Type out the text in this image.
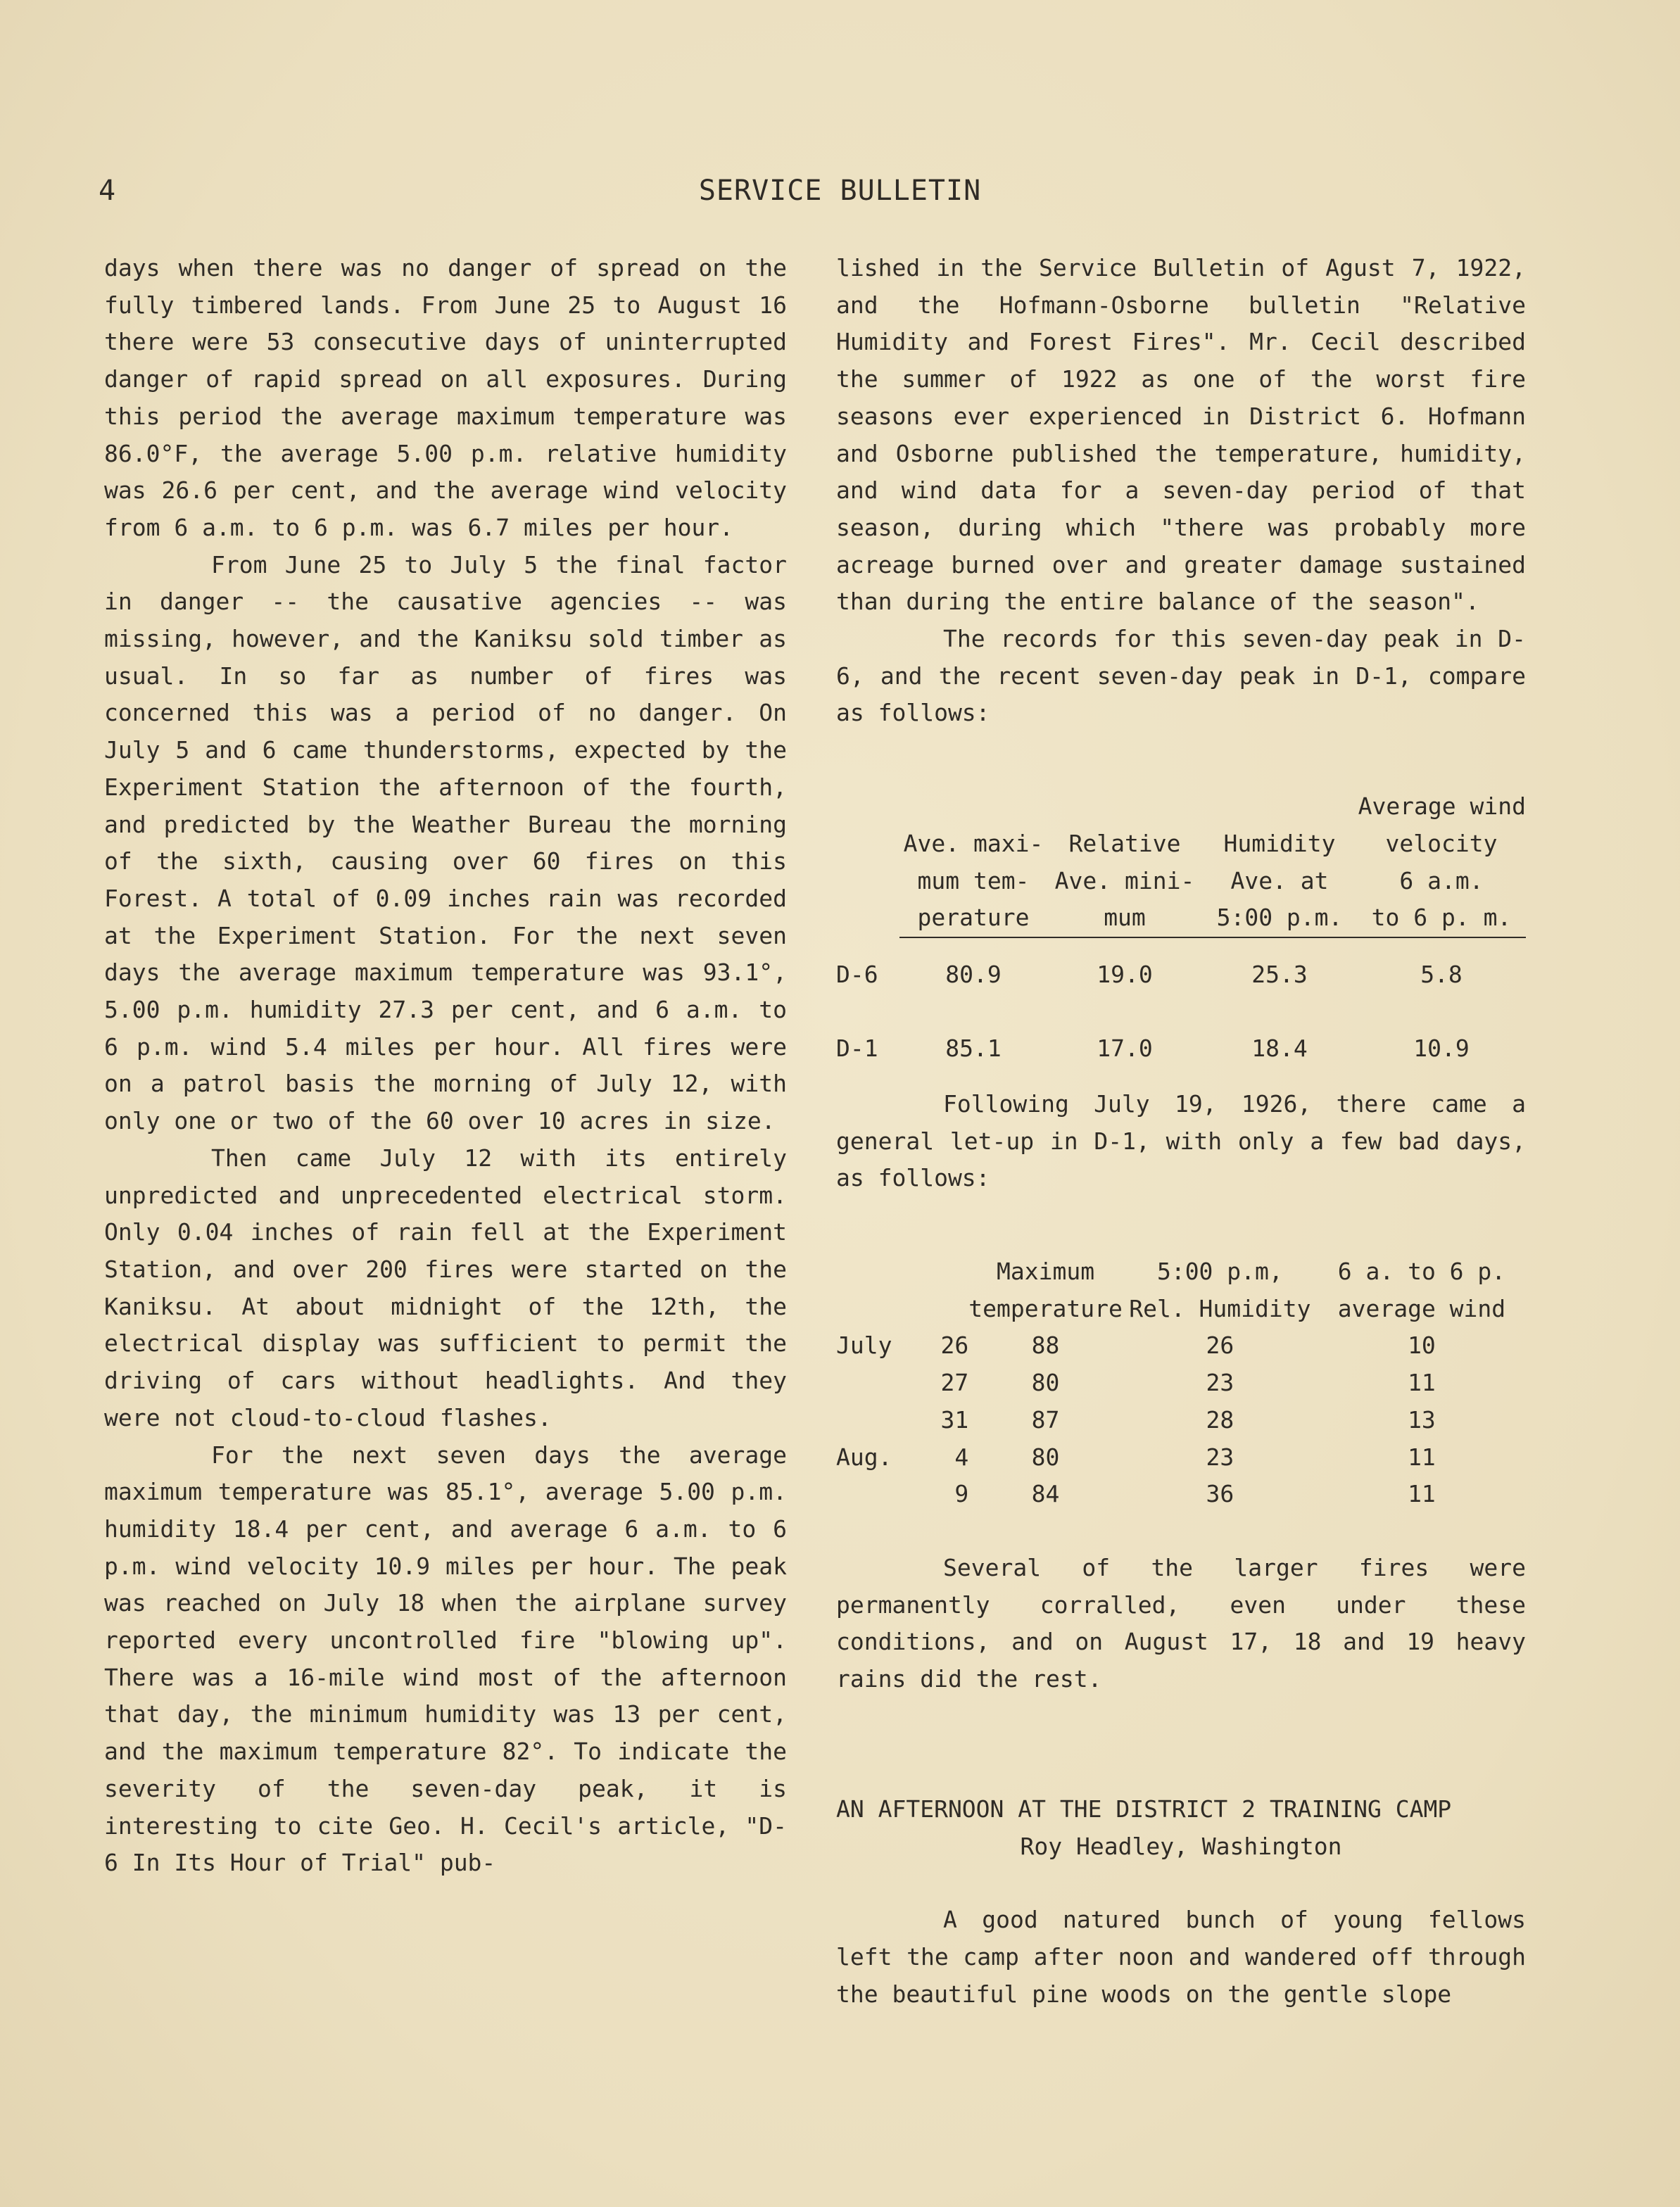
4	SERVICE BULLETIN

days when there was no danger of spread on the fully timbered lands. From June 25 to August 16 there were 53 consecutive days of uninterrupted danger of rapid spread on all exposures. During this period the average maximum temperature was 86.0°F, the average 5.00 p.m. relative humidity was 26.6 per cent, and the average wind velocity from 6 a.m. to 6 p.m. was 6.7 miles per hour.

From June 25 to July 5 the final factor in danger -- the causative agencies -- was missing, however, and the Kaniksu sold timber as usual. In so far as number of fires was concerned this was a period of no danger. On July 5 and 6 came thunderstorms, expected by the Experiment Station the afternoon of the fourth, and predicted by the Weather Bureau the morning of the sixth, causing over 60 fires on this Forest. A total of 0.09 inches rain was recorded at the Experiment Station. For the next seven days the average maximum temperature was 93.1°, 5.00 p.m. humidity 27.3 per cent, and 6 a.m. to 6 p.m. wind 5.4 miles per hour. All fires were on a patrol basis the morning of July 12, with only one or two of the 60 over 10 acres in size.

Then came July 12 with its entirely unpredicted and unprecedented electrical storm. Only 0.04 inches of rain fell at the Experiment Station, and over 200 fires were started on the Kaniksu. At about midnight of the 12th, the electrical display was sufficient to permit the driving of cars without headlights. And they were not cloud-to-cloud flashes.

For the next seven days the average maximum temperature was 85.1°, average 5.00 p.m. humidity 18.4 per cent, and average 6 a.m. to 6 p.m. wind velocity 10.9 miles per hour. The peak was reached on July 18 when the airplane survey reported every uncontrolled fire "blowing up". There was a 16-mile wind most of the afternoon that day, the minimum humidity was 13 per cent, and the maximum temperature 82°. To indicate the severity of the seven-day peak, it is interesting to cite Geo. H. Cecil's article, "D-6 In Its Hour of Trial" pub-

lished in the Service Bulletin of Agust 7, 1922, and the Hofmann-Osborne bulletin "Relative Humidity and Forest Fires". Mr. Cecil described the summer of 1922 as one of the worst fire seasons ever experienced in District 6. Hofmann and Osborne published the temperature, humidity, and wind data for a seven-day period of that season, during which "there was probably more acreage burned over and greater damage sustained than during the entire balance of the season".

The records for this seven-day peak in D-6, and the recent seven-day peak in D-1, compare as follows:

				Average wind
	Ave. maxi-	Relative	Humidity	velocity
	mum tem-	Ave. mini-	Ave. at	6 a.m.
	perature	mum	5:00 p.m.	to 6 p. m.
D-6	80.9	19.0	25.3	5.8
D-1	85.1	17.0	18.4	10.9

Following July 19, 1926, there came a general let-up in D-1, with only a few bad days, as follows:

		Maximum	5:00 p.m,	6 a. to 6 p.
		temperature	Rel. Humidity	average wind
July	26	88	26	10
	27	80	23	11
	31	87	28	13
Aug.	4	80	23	11
	9	84	36	11

Several of the larger fires were permanently corralled, even under these conditions, and on August 17, 18 and 19 heavy rains did the rest.

AN AFTERNOON AT THE DISTRICT 2 TRAINING CAMP

Roy Headley, Washington

A good natured bunch of young fellows left the camp after noon and wandered off through the beautiful pine woods on the gentle slope
